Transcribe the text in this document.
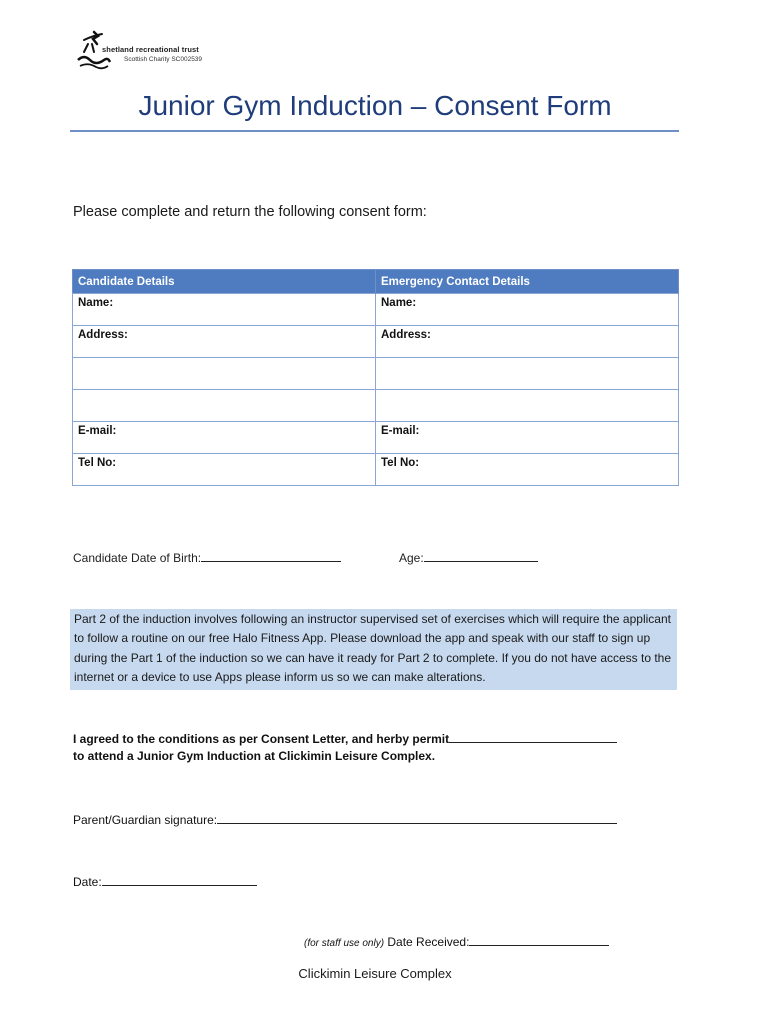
shetland recreational trust
Scottish Charity SC002539
Junior Gym Induction – Consent Form
Please complete and return the following consent form:
Candidate Details	Emergency Contact Details
Name:	Name:
Address:	Address:

E-mail:	E-mail:
Tel No:	Tel No:
Candidate Date of Birth:	Age:
Part 2 of the induction involves following an instructor supervised set of exercises which will require the applicant to follow a routine on our free Halo Fitness App. Please download the app and speak with our staff to sign up during the Part 1 of the induction so we can have it ready for Part 2 to complete. If you do not have access to the internet or a device to use Apps please inform us so we can make alterations.
I agreed to the conditions as per Consent Letter, and herby permit
to attend a Junior Gym Induction at Clickimin Leisure Complex.
Parent/Guardian signature:
Date:
(for staff use only) Date Received:
Clickimin Leisure Complex
